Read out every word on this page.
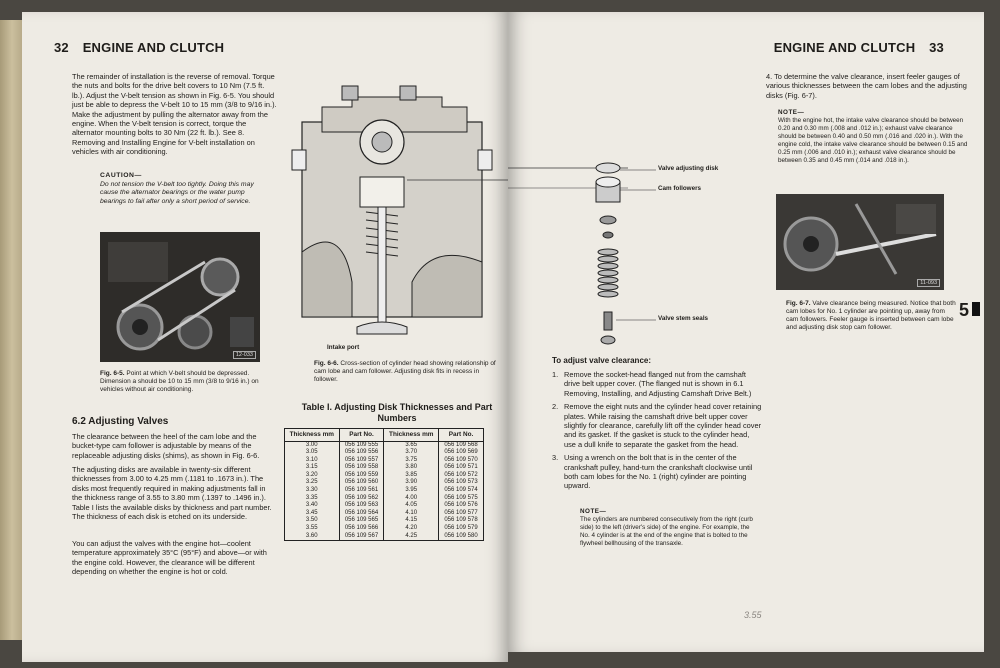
32 ENGINE AND CLUTCH
The remainder of installation is the reverse of removal. Torque the nuts and bolts for the drive belt covers to 10 Nm (7.5 ft. lb.). Adjust the V-belt tension as shown in Fig. 6-5. You should just be able to depress the V-belt 10 to 15 mm (3/8 to 9/16 in.). Make the adjustment by pulling the alternator away from the engine. When the V-belt tension is correct, torque the alternator mounting bolts to 30 Nm (22 ft. lb.). See 8. Removing and Installing Engine for V-belt installation on vehicles with air conditioning.
CAUTION—
Do not tension the V-belt too tightly. Doing this may cause the alternator bearings or the water pump bearings to fail after only a short period of service.
12-033
Fig. 6-5. Point at which V-belt should be depressed. Dimension a should be 10 to 15 mm (3/8 to 9/16 in.) on vehicles without air conditioning.
6.2 Adjusting Valves
The clearance between the heel of the cam lobe and the bucket-type cam follower is adjustable by means of the replaceable adjusting disks (shims), as shown in Fig. 6-6.
The adjusting disks are available in twenty-six different thicknesses from 3.00 to 4.25 mm (.1181 to .1673 in.). The disks most frequently required in making adjustments fall in the thickness range of 3.55 to 3.80 mm (.1397 to .1496 in.). Table I lists the available disks by thickness and part number. The thickness of each disk is etched on its underside.
You can adjust the valves with the engine hot—coolent temperature approximately 35°C (95°F) and above—or with the engine cold. However, the clearance will be different depending on whether the engine is hot or cold.
Intake port
Fig. 6-6. Cross-section of cylinder head showing relationship of cam lobe and cam follower. Adjusting disk fits in recess in follower.
Table I. Adjusting Disk Thicknesses and Part Numbers
Thickness mm	Part No.	Thickness mm	Part No.
3.00	056 109 555	3.65	056 109 568
3.05	056 109 556	3.70	056 109 569
3.10	056 109 557	3.75	056 109 570
3.15	056 109 558	3.80	056 109 571
3.20	056 109 559	3.85	056 109 572
3.25	056 109 560	3.90	056 109 573
3.30	056 109 561	3.95	056 109 574
3.35	056 109 562	4.00	056 109 575
3.40	056 109 563	4.05	056 109 576
3.45	056 109 564	4.10	056 109 577
3.50	056 109 565	4.15	056 109 578
3.55	056 109 566	4.20	056 109 579
3.60	056 109 567	4.25	056 109 580
ENGINE AND CLUTCH 33
4. To determine the valve clearance, insert feeler gauges of various thicknesses between the cam lobes and the adjusting disks (Fig. 6-7).
NOTE—
With the engine hot, the intake valve clearance should be between 0.20 and 0.30 mm (.008 and .012 in.); exhaust valve clearance should be between 0.40 and 0.50 mm (.016 and .020 in.). With the engine cold, the intake valve clearance should be between 0.15 and 0.25 mm (.006 and .010 in.); exhaust valve clearance should be between 0.35 and 0.45 mm (.014 and .018 in.).
Valve adjusting disk
Cam followers
Valve stem seals
11-093
Fig. 6-7. Valve clearance being measured. Notice that both cam lobes for No. 1 cylinder are pointing up, away from cam followers. Feeler gauge is inserted between cam lobe and adjusting disk stop cam follower.
5
To adjust valve clearance:
1. Remove the socket-head flanged nut from the camshaft drive belt upper cover. (The flanged nut is shown in 6.1 Removing, Installing, and Adjusting Camshaft Drive Belt.)
2. Remove the eight nuts and the cylinder head cover retaining plates. While raising the camshaft drive belt upper cover slightly for clearance, carefully lift off the cylinder head cover and its gasket. If the gasket is stuck to the cylinder head, use a dull knife to separate the gasket from the head.
3. Using a wrench on the bolt that is in the center of the crankshaft pulley, hand-turn the crankshaft clockwise until both cam lobes for the No. 1 (right) cylinder are pointing upward.
NOTE—
The cylinders are numbered consecutively from the right (curb side) to the left (driver's side) of the engine. For example, the No. 4 cylinder is at the end of the engine that is bolted to the flywheel bellhousing of the transaxle.
3.55
